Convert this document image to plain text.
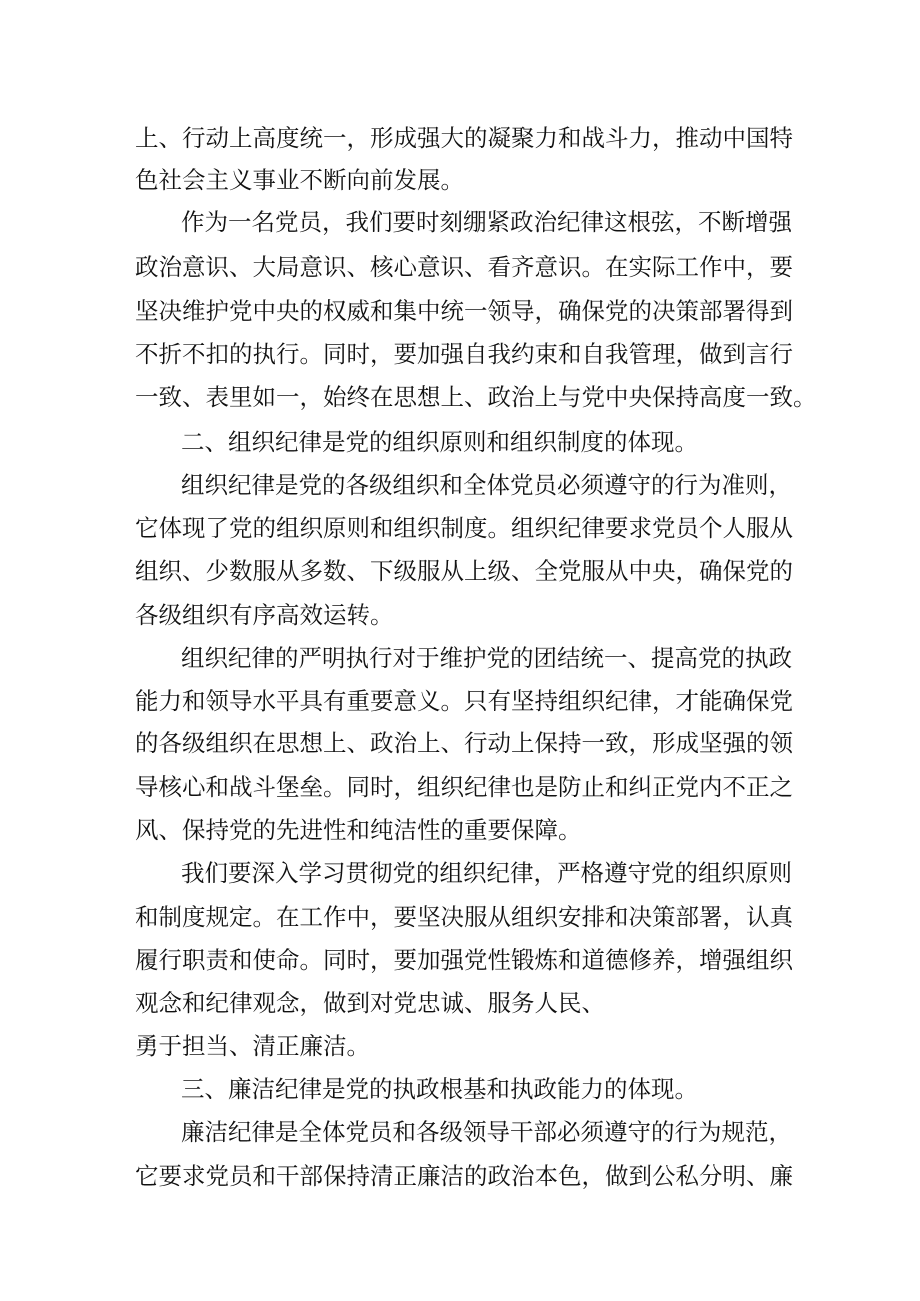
上、行动上高度统一，形成强大的凝聚力和战斗力，推动中国特
色社会主义事业不断向前发展。
作为一名党员，我们要时刻绷紧政治纪律这根弦，不断增强
政治意识、大局意识、核心意识、看齐意识。在实际工作中，要
坚决维护党中央的权威和集中统一领导，确保党的决策部署得到
不折不扣的执行。同时，要加强自我约束和自我管理，做到言行
一致、表里如一，始终在思想上、政治上与党中央保持高度一致。
二、组织纪律是党的组织原则和组织制度的体现。
组织纪律是党的各级组织和全体党员必须遵守的行为准则，
它体现了党的组织原则和组织制度。组织纪律要求党员个人服从
组织、少数服从多数、下级服从上级、全党服从中央，确保党的
各级组织有序高效运转。
组织纪律的严明执行对于维护党的团结统一、提高党的执政
能力和领导水平具有重要意义。只有坚持组织纪律，才能确保党
的各级组织在思想上、政治上、行动上保持一致，形成坚强的领
导核心和战斗堡垒。同时，组织纪律也是防止和纠正党内不正之
风、保持党的先进性和纯洁性的重要保障。
我们要深入学习贯彻党的组织纪律，严格遵守党的组织原则
和制度规定。在工作中，要坚决服从组织安排和决策部署，认真
履行职责和使命。同时，要加强党性锻炼和道德修养，增强组织
观念和纪律观念，做到对党忠诚、服务人民、
勇于担当、清正廉洁。
三、廉洁纪律是党的执政根基和执政能力的体现。
廉洁纪律是全体党员和各级领导干部必须遵守的行为规范，
它要求党员和干部保持清正廉洁的政治本色，做到公私分明、廉
